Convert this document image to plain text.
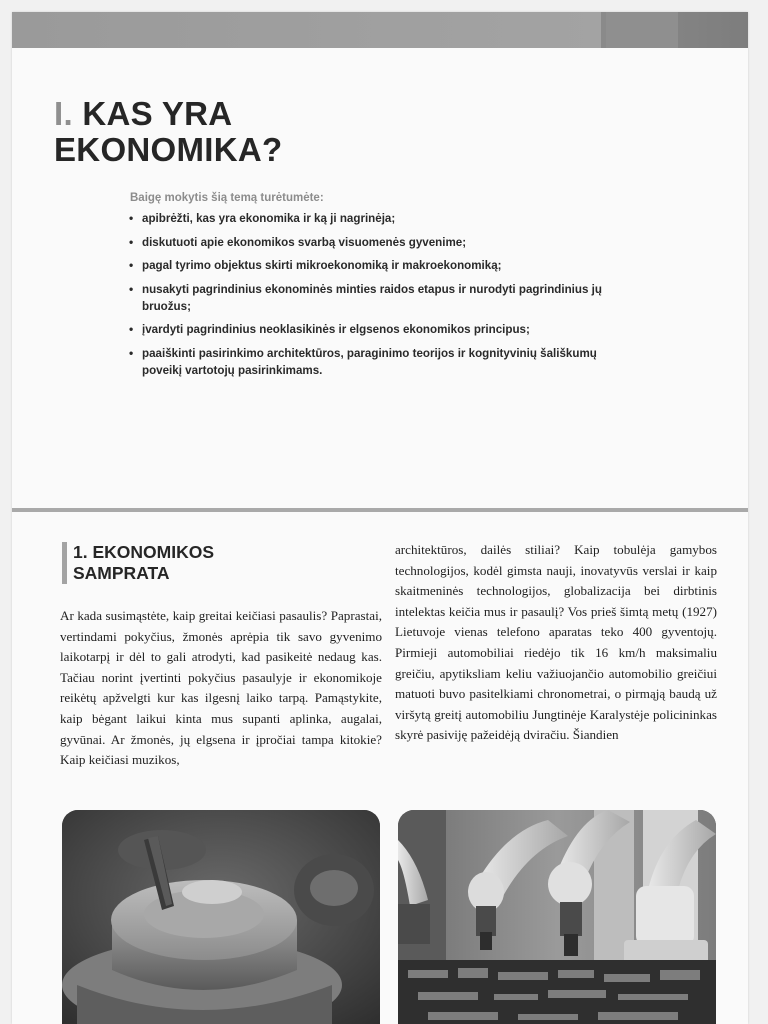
I. KAS YRA
EKONOMIKA?

Baigę mokytis šią temą turėtumėte:

• apibrėžti, kas yra ekonomika ir ką ji nagrinėja;
• diskutuoti apie ekonomikos svarbą visuomenės gyvenime;
• pagal tyrimo objektus skirti mikroekonomiką ir makroekonomiką;
• nusakyti pagrindinius ekonominės minties raidos etapus ir nurodyti pagrindinius jų bruožus;
• įvardyti pagrindinius neoklasikinės ir elgsenos ekonomikos principus;
• paaiškinti pasirinkimo architektūros, paraginimo teorijos ir kognityvinių šališkumų poveikį vartotojų pasirinkimams.
1. EKONOMIKOS
SAMPRATA

Ar kada susimąstėte, kaip greitai keičiasi pasaulis? Paprastai, vertindami pokyčius, žmonės aprėpia tik savo gyvenimo laikotarpį ir dėl to gali atrodyti, kad pasikeitė nedaug kas. Tačiau norint įvertinti pokyčius pasaulyje ir ekonomikoje reikėtų apžvelgti kur kas ilgesnį laiko tarpą. Pamąstykite, kaip bėgant laikui kinta mus supanti aplinka, augalai, gyvūnai. Ar žmonės, jų elgsena ir įpročiai tampa kitokie? Kaip keičiasi muzikos,

architektūros, dailės stiliai? Kaip tobulėja gamybos technologijos, kodėl gimsta nauji, inovatyvūs verslai ir kaip skaitmeninės technologijos, globalizacija bei dirbtinis intelektas keičia mus ir pasaulį? Vos prieš šimtą metų (1927) Lietuvoje vienas telefono aparatas teko 400 gyventojų. Pirmieji automobiliai riedėjo tik 16 km/h maksimaliu greičiu, apytiksliam keliu važiuojančio automobilio greičiui matuoti buvo pasitelkiami chronometrai, o pirmąją baudą už viršytą greitį automobiliu Jungtinėje Karalystėje policininkas skyrė pasiviję pažeidėją dviračiu. Šiandien
